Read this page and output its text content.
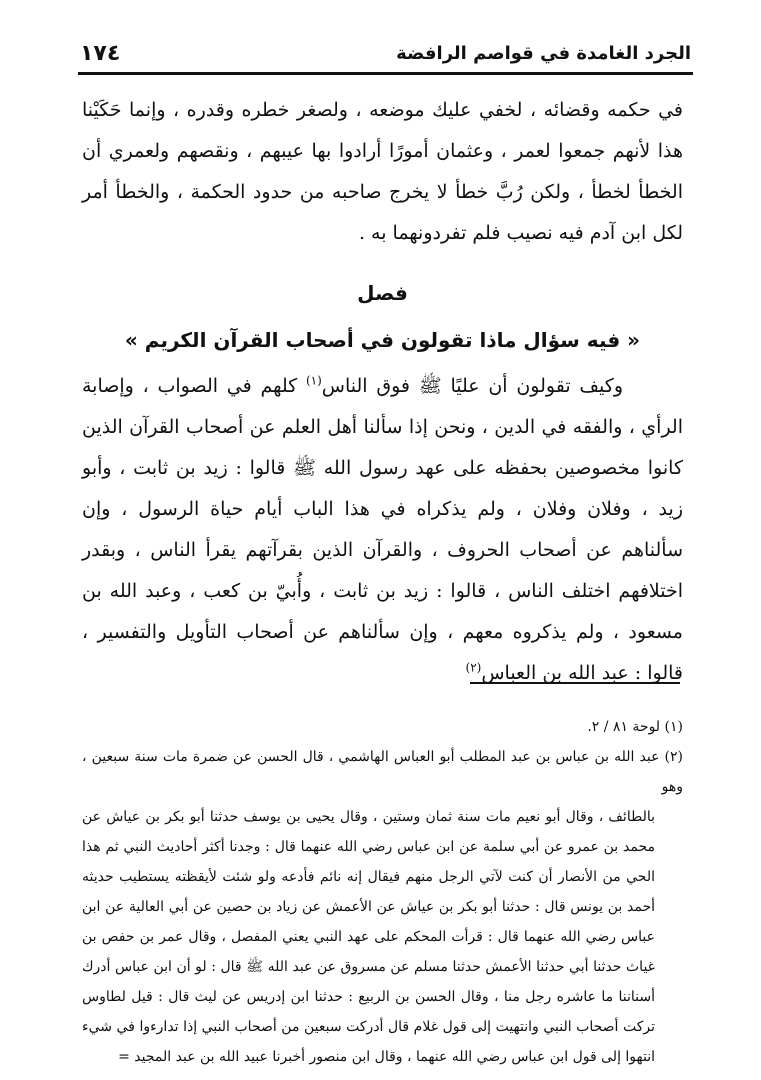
الجرد الغامدة في قواصم الرافضة
١٧٤

في حكمه وقضائه ، لخفي عليك موضعه ، ولصغر خطره وقدره ، وإنما حَكَيْنا هذا لأنهم جمعوا لعمر ، وعثمان أمورًا أرادوا بها عيبهم ، ونقصهم ولعمري أن الخطأ لخطأ ، ولكن رُبَّ خطأ لا يخرج صاحبه من حدود الحكمة ، والخطأ أمر لكل ابن آدم فيه نصيب فلم تفردونهما به .

فصل
« فيه سؤال ماذا تقولون في أصحاب القرآن الكريم »

وكيف تقولون أن عليًا ﷺ فوق الناس$^{(١)}$ كلهم في الصواب ، وإصابة الرأي ، والفقه في الدين ، ونحن إذا سألنا أهل العلم عن أصحاب القرآن الذين كانوا مخصوصين بحفظه على عهد رسول الله ﷺ قالوا : زيد بن ثابت ، وأبو زيد ، وفلان وفلان ، ولم يذكراه في هذا الباب أيام حياة الرسول ، وإن سألناهم عن أصحاب الحروف ، والقرآن الذين بقرآتهم يقرأ الناس ، وبقدر اختلافهم اختلف الناس ، قالوا : زيد بن ثابت ، وأُبيّ بن كعب ، وعبد الله بن مسعود ، ولم يذكروه معهم ، وإن سألناهم عن أصحاب التأويل والتفسير ، قالوا : عبد الله بن العباس$^{(٢)}$

(١) لوحة ٨١ / ٢.

(٢) عبد الله بن عباس بن عبد المطلب أبو العباس الهاشمي ، قال الحسن عن ضمرة مات سنة سبعين ، وهو

بالطائف ، وقال أبو نعيم مات سنة ثمان وستين ، وقال يحيى بن يوسف حدثنا أبو بكر بن عياش عن محمد بن عمرو عن أبي سلمة عن ابن عباس رضي الله عنهما قال : وجدنا أكثر أحاديث النبي ثم هذا الحي من الأنصار أن كنت لآتي الرجل منهم فيقال إنه نائم فأدعه ولو شئت لأيقظته يستطيب حديثه أحمد بن يونس قال : حدثنا أبو بكر بن عياش عن الأعمش عن زياد بن حصين عن أبي العالية عن ابن عباس رضي الله عنهما قال : قرأت المحكم على عهد النبي يعني المفصل ، وقال عمر بن حفص بن غياث حدثنا أبي حدثنا الأعمش حدثنا مسلم عن مسروق عن عبد الله ﷺ قال : لو أن ابن عباس أدرك أسناننا ما عاشره رجل منا ، وقال الحسن بن الربيع : حدثنا ابن إدريس عن ليث قال : قيل لطاوس تركت أصحاب النبي وانتهيت إلى قول غلام قال أدركت سبعين من أصحاب النبي إذا تدارءوا في شيء انتهوا إلى قول ابن عباس رضي الله عنهما ، وقال ابن منصور أخبرنا عبيد الله بن عبد المجيد =
